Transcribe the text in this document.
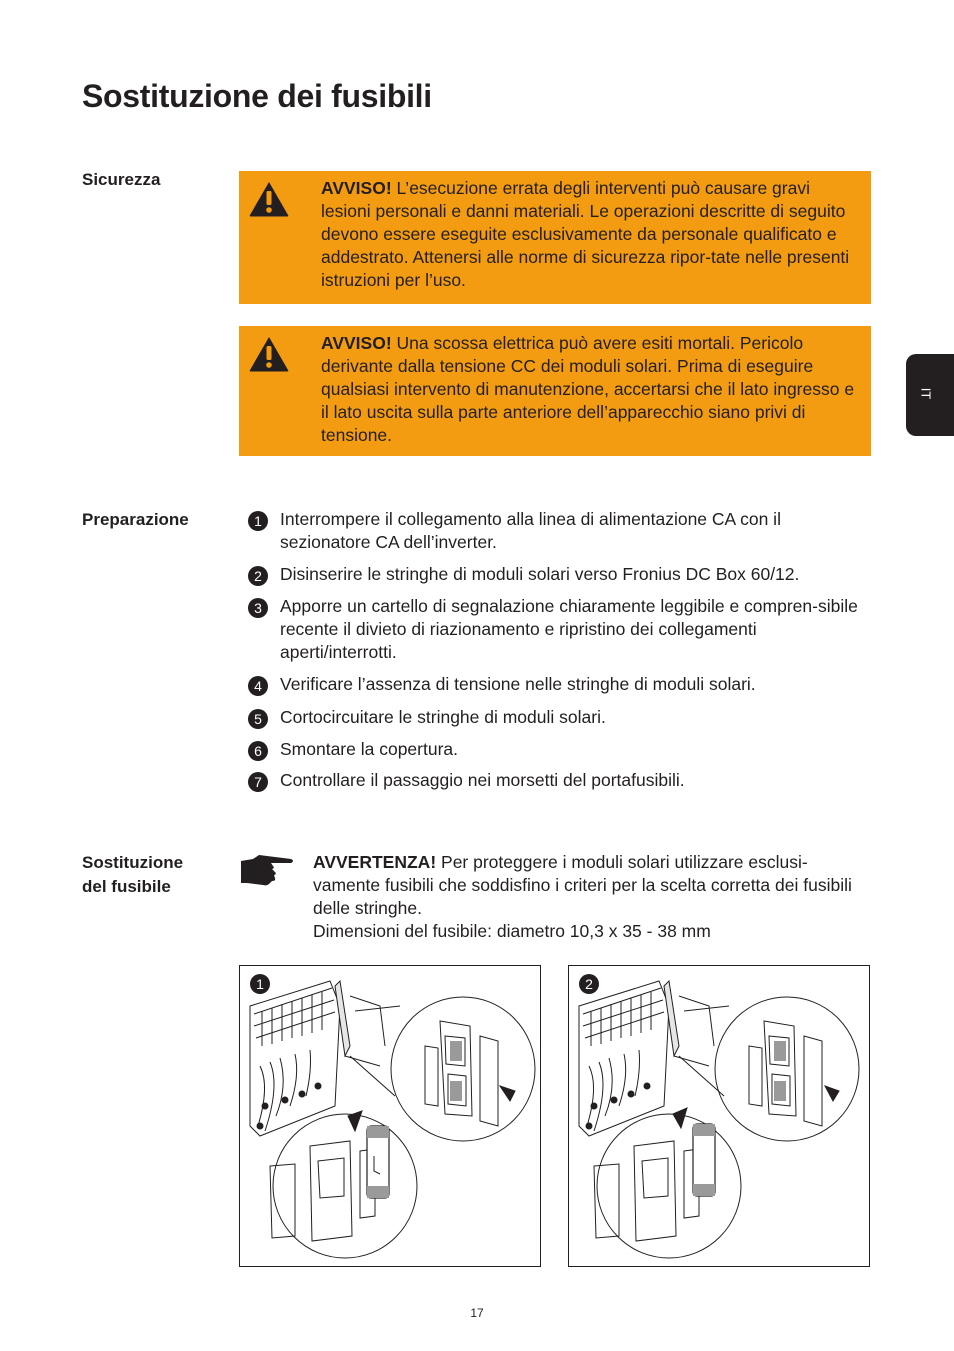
Sostituzione dei fusibili
IT
Sicurezza	AVVISO! L’esecuzione errata degli interventi può causare gravi lesioni personali e danni materiali. Le operazioni descritte di seguito devono essere eseguite esclusivamente da personale qualificato e addestrato. Attenersi alle norme di sicurezza ripor-tate nelle presenti istruzioni per l’uso.
AVVISO! Una scossa elettrica può avere esiti mortali. Pericolo derivante dalla tensione CC dei moduli solari. Prima di eseguire qualsiasi intervento di manutenzione, accertarsi che il lato ingresso e il lato uscita sulla parte anteriore dell’apparecchio siano privi di tensione.
Preparazione	1	Interrompere il collegamento alla linea di alimentazione CA con il sezionatore CA dell’inverter.
2	Disinserire le stringhe di moduli solari verso Fronius DC Box 60/12.
3	Apporre un cartello di segnalazione chiaramente leggibile e compren-sibile recente il divieto di riazionamento e ripristino dei collegamenti aperti/interrotti.
4	Verificare l’assenza di tensione nelle stringhe di moduli solari.
5	Cortocircuitare le stringhe di moduli solari.
6	Smontare la copertura.
7	Controllare il passaggio nei morsetti del portafusibili.
Sostituzione
del fusibile
AVVERTENZA! Per proteggere i moduli solari utilizzare esclusi-vamente fusibili che soddisfino i criteri per la scelta corretta dei fusibili delle stringhe.
Dimensioni del fusibile: diametro 10,3 x 35 - 38 mm
1	2
17
